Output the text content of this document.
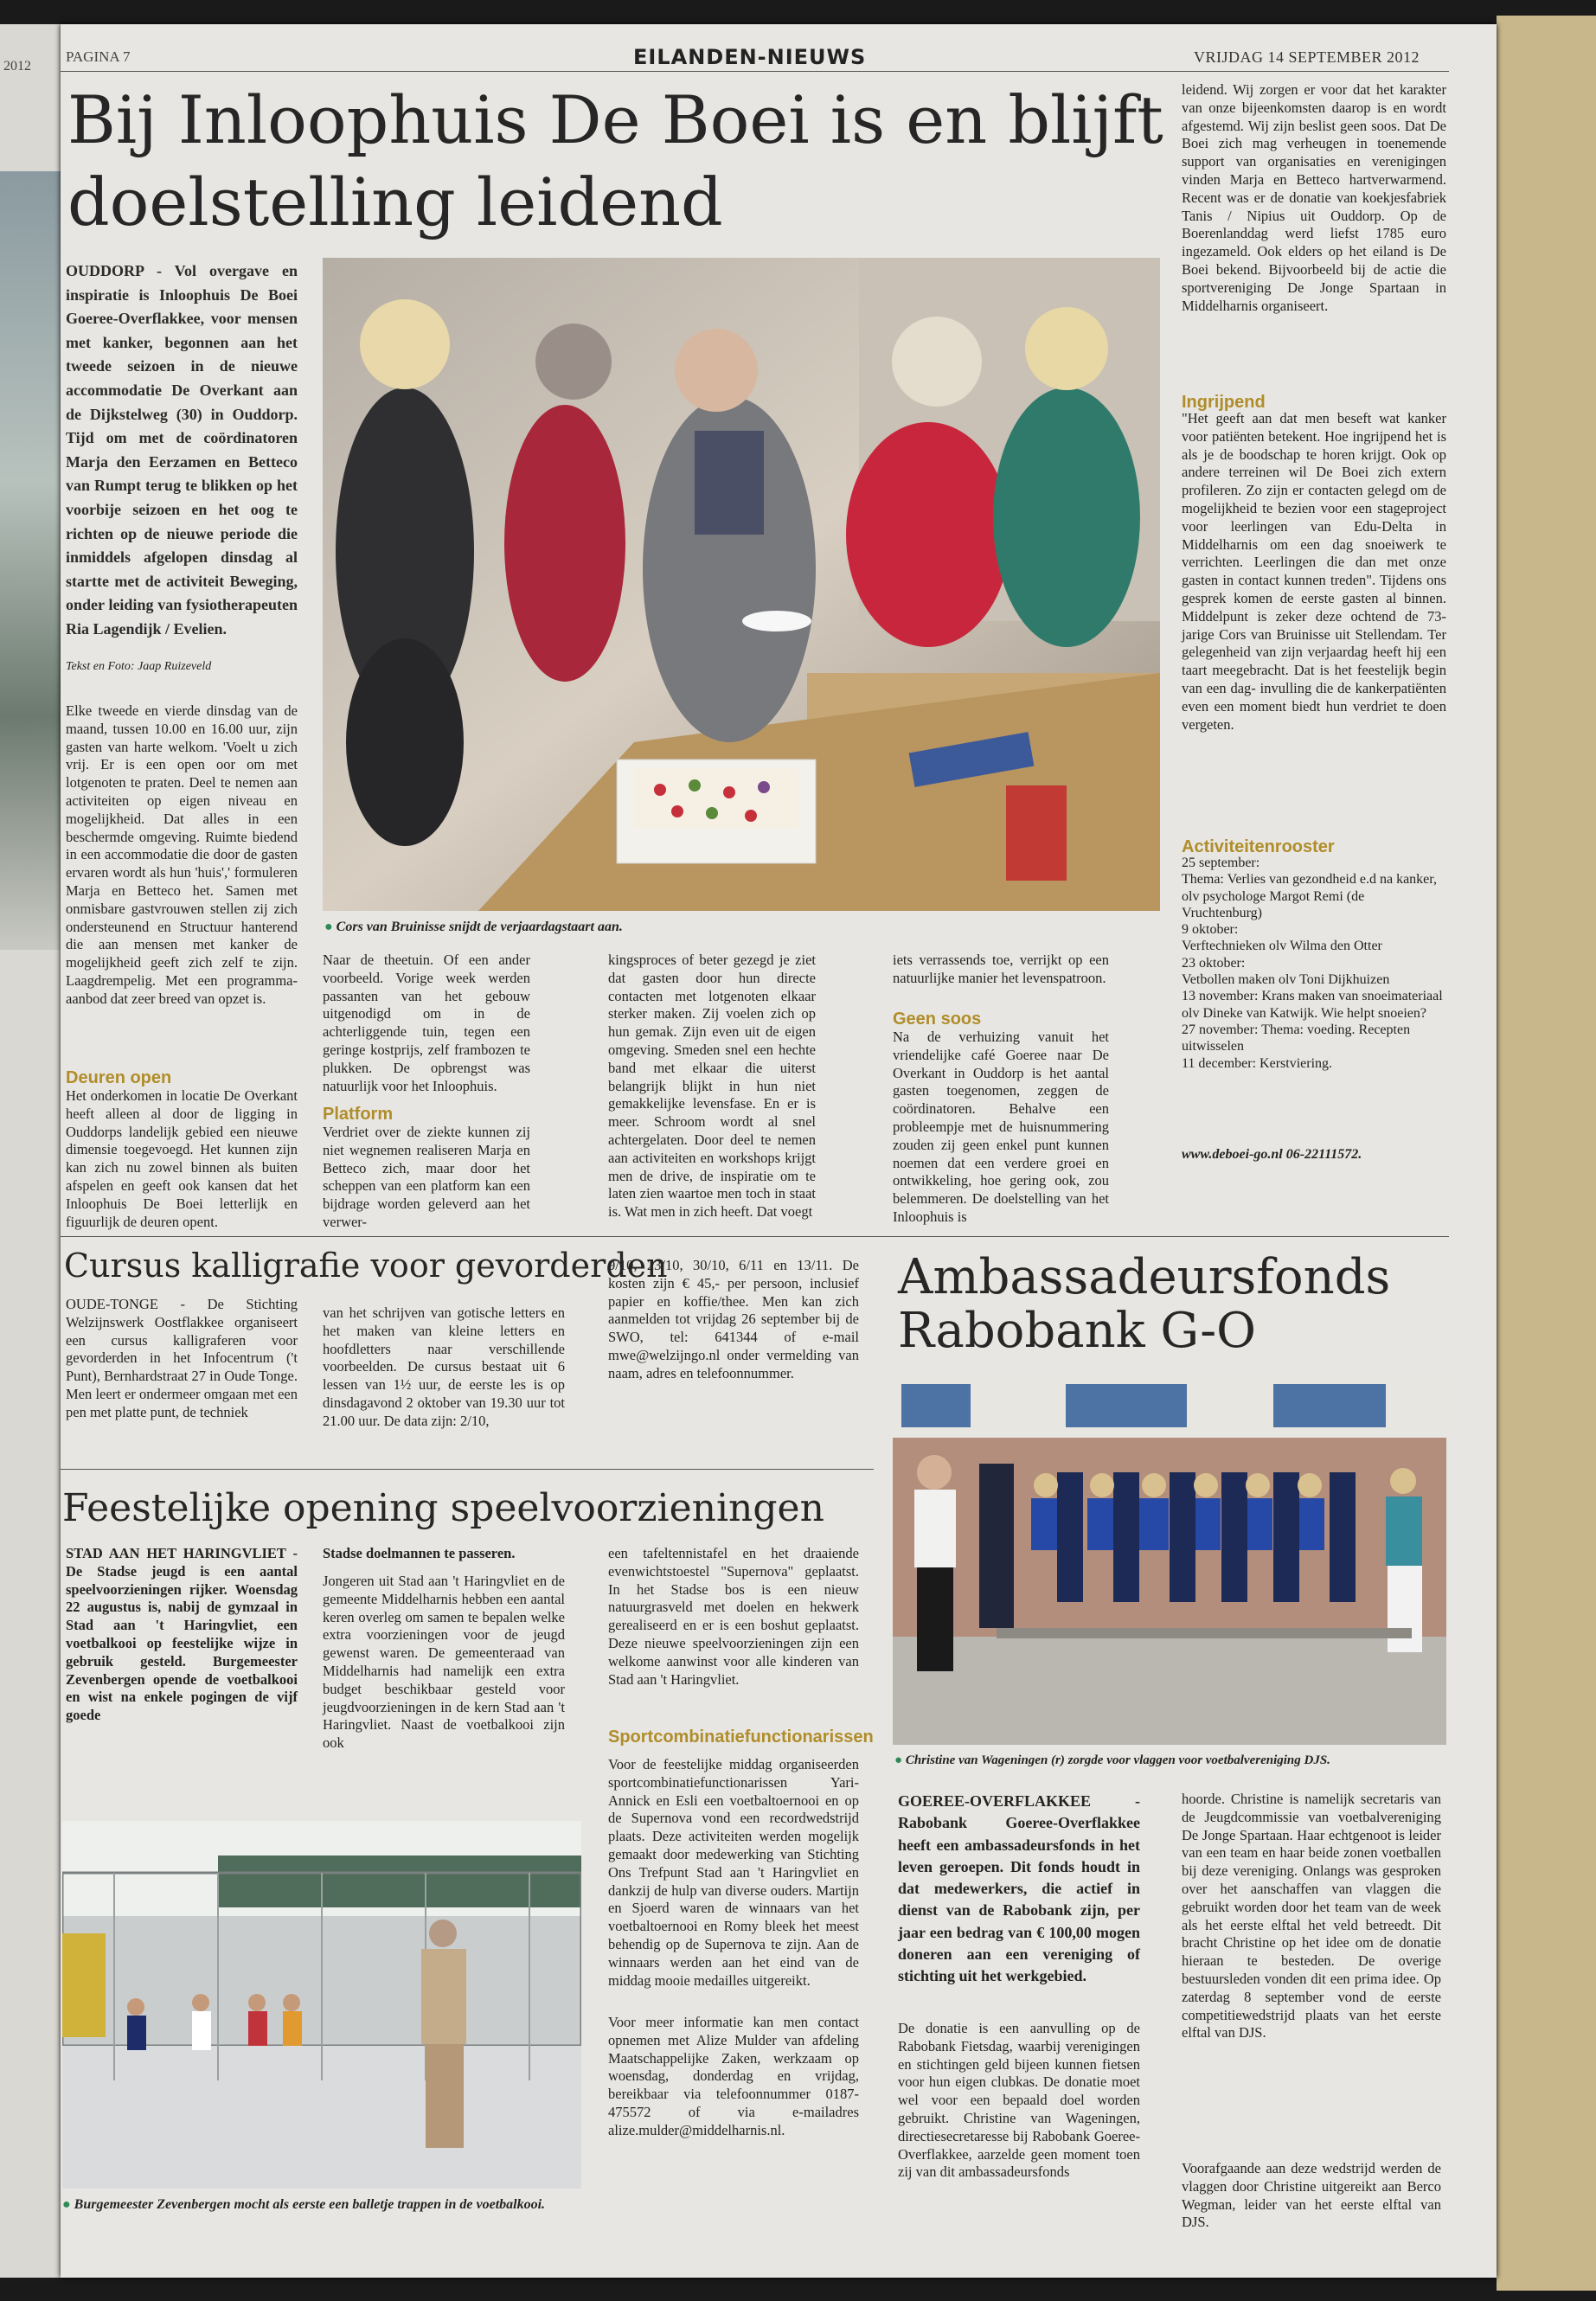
2012
PAGINA 7	EILANDEN-NIEUWS	VRIJDAG 14 SEPTEMBER 2012
Bij Inloophuis De Boei is en blijft
doelstelling leidend
OUDDORP - Vol overgave en inspiratie is Inloophuis De Boei Goeree-Overflakkee, voor mensen met kanker, begonnen aan het tweede seizoen in de nieuwe accommodatie De Overkant aan de Dijkstelweg (30) in Ouddorp. Tijd om met de coördinatoren Marja den Eerzamen en Betteco van Rumpt terug te blikken op het voorbije seizoen en het oog te richten op de nieuwe periode die inmiddels afgelopen dinsdag al startte met de activiteit Beweging, onder leiding van fysiotherapeuten Ria Lagendijk / Evelien.
Tekst en Foto: Jaap Ruizeveld
Elke tweede en vierde dinsdag van de maand, tussen 10.00 en 16.00 uur, zijn gasten van harte welkom. 'Voelt u zich vrij. Er is een open oor om met lotgenoten te praten. Deel te nemen aan activiteiten op eigen niveau en mogelijkheid. Dat alles in een beschermde omgeving. Ruimte biedend in een accommodatie die door de gasten ervaren wordt als hun 'huis',' formuleren Marja en Betteco het. Samen met onmisbare gastvrouwen stellen zij zich ondersteunend en Structuur hanterend die aan mensen met kanker de mogelijkheid geeft zich zelf te zijn. Laagdrempelig. Met een programma-aanbod dat zeer breed van opzet is.
Deuren open
Het onderkomen in locatie De Overkant heeft alleen al door de ligging in Ouddorps landelijk gebied een nieuwe dimensie toegevoegd. Het kunnen zijn kan zich nu zowel binnen als buiten afspelen en geeft ook kansen dat het Inloophuis De Boei letterlijk en figuurlijk de deuren opent.
● Cors van Bruinisse snijdt de verjaardagstaart aan.
Naar de theetuin. Of een ander voorbeeld. Vorige week werden passanten van het gebouw uitgenodigd om in de achterliggende tuin, tegen een geringe kostprijs, zelf frambozen te plukken. De opbrengst was natuurlijk voor het Inloophuis.
Platform
Verdriet over de ziekte kunnen zij niet wegnemen realiseren Marja en Betteco zich, maar door het scheppen van een platform kan een bijdrage worden geleverd aan het verwer-
kingsproces of beter gezegd je ziet dat gasten door hun directe contacten met lotgenoten elkaar sterker maken. Zij voelen zich op hun gemak. Zijn even uit de eigen omgeving. Smeden snel een hechte band met elkaar die uiterst belangrijk blijkt in hun niet gemakkelijke levensfase. En er is meer. Schroom wordt al snel achtergelaten. Door deel te nemen aan activiteiten en workshops krijgt men de drive, de inspiratie om te laten zien waartoe men toch in staat is. Wat men in zich heeft. Dat voegt
iets verrassends toe, verrijkt op een natuurlijke manier het levenspatroon.
Geen soos
Na de verhuizing vanuit het vriendelijke café Goeree naar De Overkant in Ouddorp is het aantal gasten toegenomen, zeggen de coördinatoren. Behalve een probleempje met de huisnummering zouden zij geen enkel punt kunnen noemen dat een verdere groei en ontwikkeling, hoe gering ook, zou belemmeren. De doelstelling van het Inloophuis is
leidend. Wij zorgen er voor dat het karakter van onze bijeenkomsten daarop is en wordt afgestemd. Wij zijn beslist geen soos. Dat De Boei zich mag verheugen in toenemende support van organisaties en verenigingen vinden Marja en Betteco hartverwarmend. Recent was er de donatie van koekjesfabriek Tanis / Nipius uit Ouddorp. Op de Boerenlanddag werd liefst 1785 euro ingezameld. Ook elders op het eiland is De Boei bekend. Bijvoorbeeld bij de actie die sportvereniging De Jonge Spartaan in Middelharnis organiseert.
Ingrijpend
"Het geeft aan dat men beseft wat kanker voor patiënten betekent. Hoe ingrijpend het is als je de boodschap te horen krijgt. Ook op andere terreinen wil De Boei zich extern profileren. Zo zijn er contacten gelegd om de mogelijkheid te bezien voor een stageproject voor leerlingen van Edu-Delta in Middelharnis om een dag snoeiwerk te verrichten. Leerlingen die dan met onze gasten in contact kunnen treden". Tijdens ons gesprek komen de eerste gasten al binnen. Middelpunt is zeker deze ochtend de 73-jarige Cors van Bruinisse uit Stellendam. Ter gelegenheid van zijn verjaardag heeft hij een taart meegebracht. Dat is het feestelijk begin van een dag- invulling die de kankerpatiënten even een moment biedt hun verdriet te doen vergeten.
Activiteitenrooster

25 september:

Thema: Verlies van gezondheid e.d na kanker, olv psychologe Margot Remi (de Vruchtenburg)

9 oktober:

Verftechnieken olv Wilma den Otter

23 oktober:

Vetbollen maken olv Toni Dijkhuizen

13 november: Krans maken van snoeimateriaal olv Dineke van Katwijk. Wie helpt snoeien?

27 november: Thema: voeding. Recepten uitwisselen

11 december: Kerstviering.

www.deboei-go.nl 06-22111572.
Cursus kalligrafie voor gevorderden
OUDE-TONGE - De Stichting Welzijnswerk Oostflakkee organiseert een cursus kalligraferen voor gevorderden in het Infocentrum ('t Punt), Bernhardstraat 27 in Oude Tonge. Men leert er ondermeer omgaan met een pen met platte punt, de techniek
van het schrijven van gotische letters en het maken van kleine letters en hoofdletters naar verschillende voorbeelden. De cursus bestaat uit 6 lessen van 1½ uur, de eerste les is op dinsdagavond 2 oktober van 19.30 uur tot 21.00 uur. De data zijn: 2/10,
9/10, 23/10, 30/10, 6/11 en 13/11. De kosten zijn € 45,- per persoon, inclusief papier en koffie/thee. Men kan zich aanmelden tot vrijdag 26 september bij de SWO, tel: 641344 of e-mail mwe@welzijngo.nl onder vermelding van naam, adres en telefoonnummer.
Feestelijke opening speelvoorzieningen
STAD AAN HET HARINGVLIET - De Stadse jeugd is een aantal speelvoorzieningen rijker. Woensdag 22 augustus is, nabij de gymzaal in Stad aan 't Haringvliet, een voetbalkooi op feestelijke wijze in gebruik gesteld. Burgemeester Zevenbergen opende de voetbalkooi en wist na enkele pogingen de vijf goede
Stadse doelmannen te passeren.
Jongeren uit Stad aan 't Haringvliet en de gemeente Middelharnis hebben een aantal keren overleg om samen te bepalen welke extra voorzieningen voor de jeugd gewenst waren. De gemeenteraad van Middelharnis had namelijk een extra budget beschikbaar gesteld voor jeugdvoorzieningen in de kern Stad aan 't Haringvliet. Naast de voetbalkooi zijn ook
een tafeltennistafel en het draaiende evenwichtstoestel "Supernova" geplaatst. In het Stadse bos is een nieuw natuurgrasveld met doelen en hekwerk gerealiseerd en er is een boshut geplaatst. Deze nieuwe speelvoorzieningen zijn een welkome aanwinst voor alle kinderen van Stad aan 't Haringvliet.
Sportcombinatiefunctionarissen
Voor de feestelijke middag organiseerden sportcombinatiefunctionarissen Yari-Annick en Esli een voetbaltoernooi en op de Supernova vond een recordwedstrijd plaats. Deze activiteiten werden mogelijk gemaakt door medewerking van Stichting Ons Trefpunt Stad aan 't Haringvliet en dankzij de hulp van diverse ouders. Martijn en Sjoerd waren de winnaars van het voetbaltoernooi en Romy bleek het meest behendig op de Supernova te zijn. Aan de winnaars werden aan het eind van de middag mooie medailles uitgereikt.
Voor meer informatie kan men contact opnemen met Alize Mulder van afdeling Maatschappelijke Zaken, werkzaam op woensdag, donderdag en vrijdag, bereikbaar via telefoonnummer 0187-475572 of via e-mailadres alize.mulder@middelharnis.nl.
● Burgemeester Zevenbergen mocht als eerste een balletje trappen in de voetbalkooi.
Ambassadeursfonds
Rabobank G-O
● Christine van Wageningen (r) zorgde voor vlaggen voor voetbalvereniging DJS.
GOEREE-OVERFLAKKEE - Rabobank Goeree-Overflakkee heeft een ambassadeursfonds in het leven geroepen. Dit fonds houdt in dat medewerkers, die actief in dienst van de Rabobank zijn, per jaar een bedrag van € 100,00 mogen doneren aan een vereniging of stichting uit het werkgebied.
De donatie is een aanvulling op de Rabobank Fietsdag, waarbij verenigingen en stichtingen geld bijeen kunnen fietsen voor hun eigen clubkas. De donatie moet wel voor een bepaald doel worden gebruikt. Christine van Wageningen, directiesecretaresse bij Rabobank Goeree-Overflakkee, aarzelde geen moment toen zij van dit ambassadeursfonds
hoorde. Christine is namelijk secretaris van de Jeugdcommissie van voetbalvereniging De Jonge Spartaan. Haar echtgenoot is leider van een team en haar beide zonen voetballen bij deze vereniging. Onlangs was gesproken over het aanschaffen van vlaggen die gebruikt worden door het team van de week als het eerste elftal het veld betreedt. Dit bracht Christine op het idee om de donatie hieraan te besteden. De overige bestuursleden vonden dit een prima idee. Op zaterdag 8 september vond de eerste competitiewedstrijd plaats van het eerste elftal van DJS.
Voorafgaande aan deze wedstrijd werden de vlaggen door Christine uitgereikt aan Berco Wegman, leider van het eerste elftal van DJS.
